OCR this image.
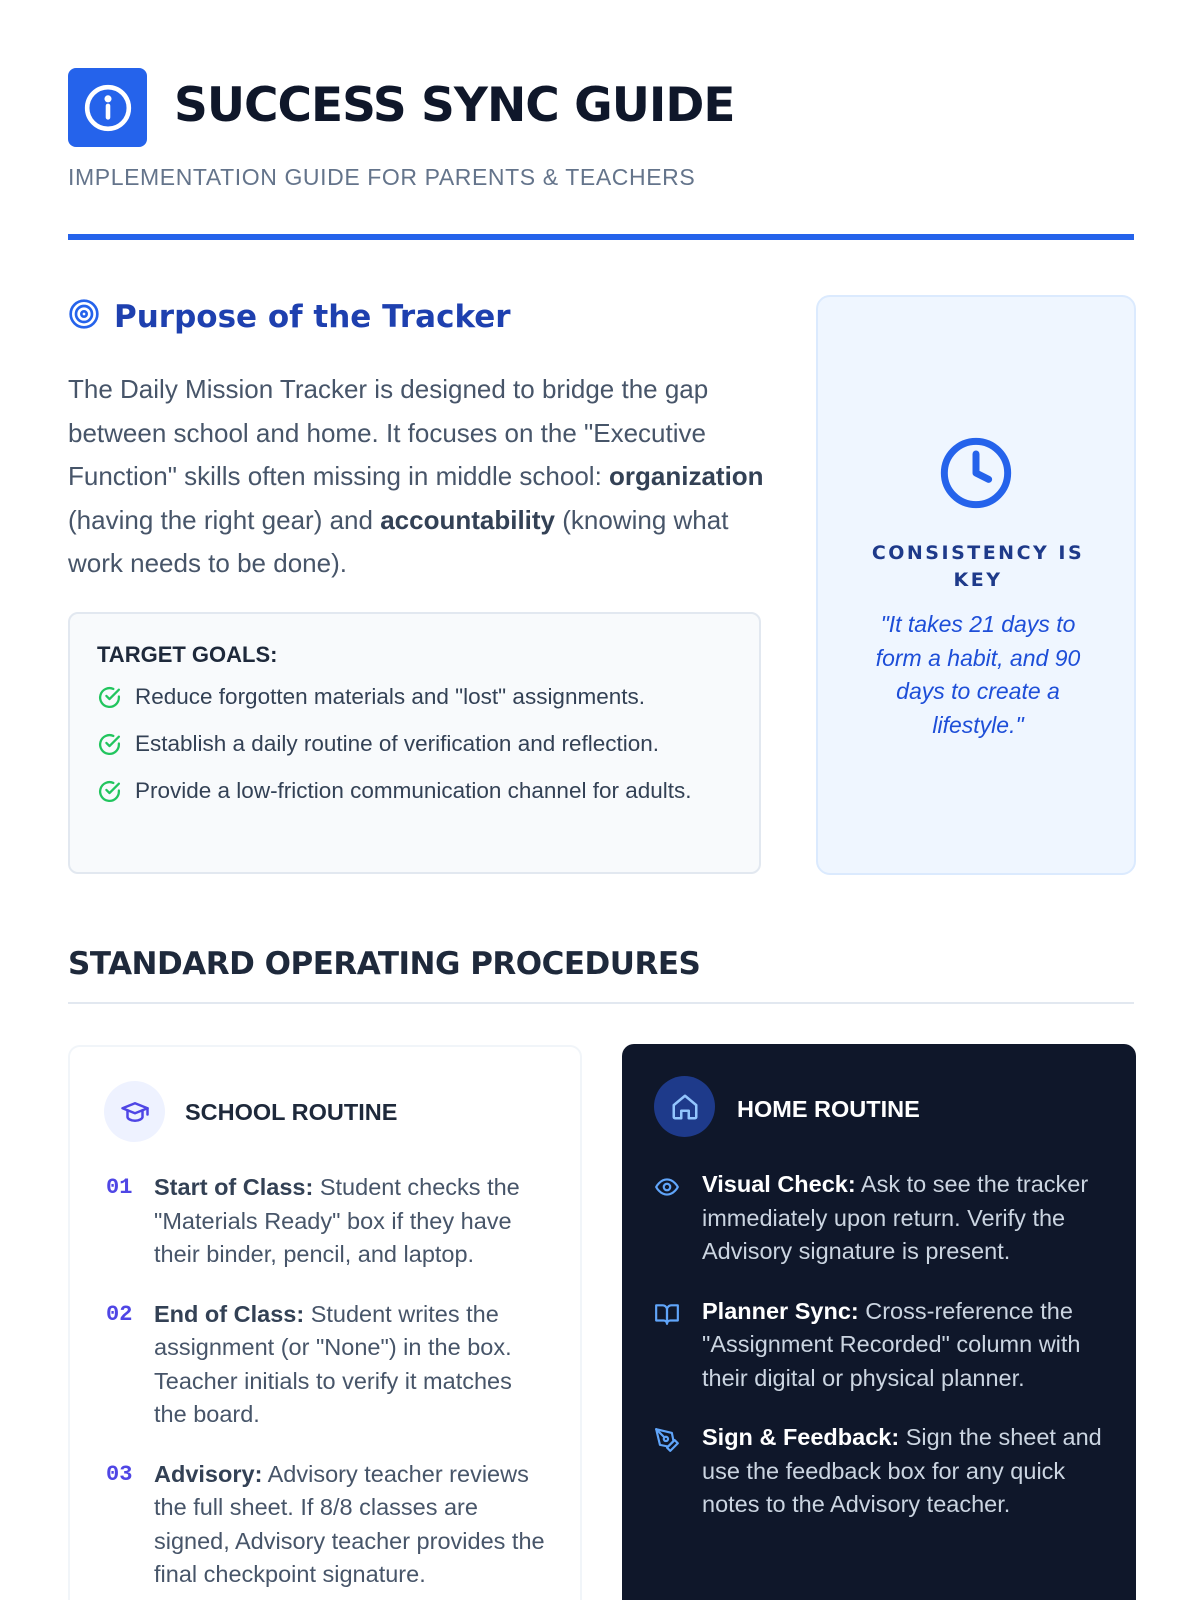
SUCCESS SYNC GUIDE
IMPLEMENTATION GUIDE FOR PARENTS & TEACHERS
Purpose of the Tracker

The Daily Mission Tracker is designed to bridge the gap between school and home. It focuses on the "Executive Function" skills often missing in middle school: organization (having the right gear) and accountability (knowing what work needs to be done).

TARGET GOALS:
Reduce forgotten materials and "lost" assignments.
Establish a daily routine of verification and reflection.
Provide a low-friction communication channel for adults.
CONSISTENCY IS KEY

"It takes 21 days to form a habit, and 90 days to create a lifestyle."

STANDARD OPERATING PROCEDURES
SCHOOL ROUTINE
01 Start of Class: Student checks the "Materials Ready" box if they have their binder, pencil, and laptop.
02 End of Class: Student writes the assignment (or "None") in the box. Teacher initials to verify it matches the board.
03 Advisory: Advisory teacher reviews the full sheet. If 8/8 classes are signed, Advisory teacher provides the final checkpoint signature.
HOME ROUTINE
Visual Check: Ask to see the tracker immediately upon return. Verify the Advisory signature is present.
Planner Sync: Cross-reference the "Assignment Recorded" column with their digital or physical planner.
Sign & Feedback: Sign the sheet and use the feedback box for any quick notes to the Advisory teacher.
